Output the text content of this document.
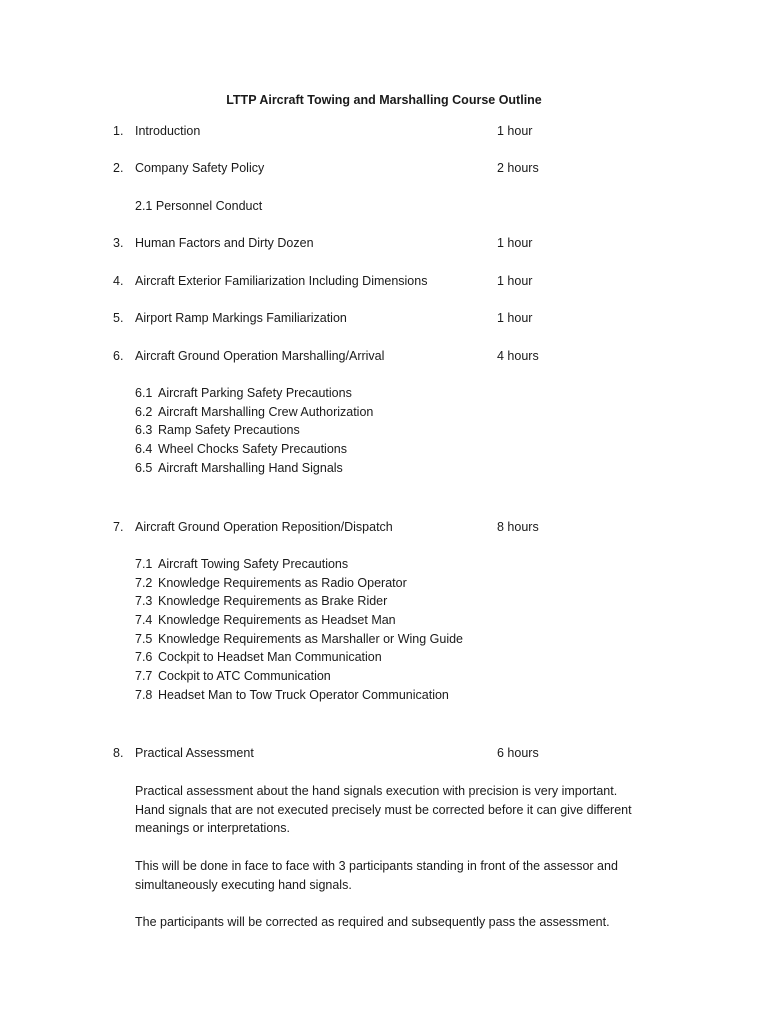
LTTP Aircraft Towing and Marshalling Course Outline
1. Introduction	1 hour
2. Company Safety Policy	2 hours
2.1
Personnel Conduct
3. Human Factors and Dirty Dozen	1 hour
4. Aircraft Exterior Familiarization Including Dimensions	1 hour
5. Airport Ramp Markings Familiarization	1 hour
6. Aircraft Ground Operation Marshalling/Arrival	4 hours
6.1 Aircraft Parking Safety Precautions
6.2 Aircraft Marshalling Crew Authorization
6.3 Ramp Safety Precautions
6.4 Wheel Chocks Safety Precautions
6.5 Aircraft Marshalling Hand Signals
7. Aircraft Ground Operation Reposition/Dispatch	8 hours
7.1 Aircraft Towing Safety Precautions
7.2 Knowledge Requirements as Radio Operator
7.3 Knowledge Requirements as Brake Rider
7.4 Knowledge Requirements as Headset Man
7.5 Knowledge Requirements as Marshaller or Wing Guide
7.6 Cockpit to Headset Man Communication
7.7 Cockpit to ATC Communication
7.8 Headset Man to Tow Truck Operator Communication
8. Practical Assessment	6 hours
Practical assessment about the hand signals execution with precision is very important.
Hand signals that are not executed precisely must be corrected before it can give different
meanings or interpretations.
This will be done in face to face with 3 participants standing in front of the assessor and
simultaneously executing hand signals.
The participants will be corrected as required and subsequently pass the assessment.
